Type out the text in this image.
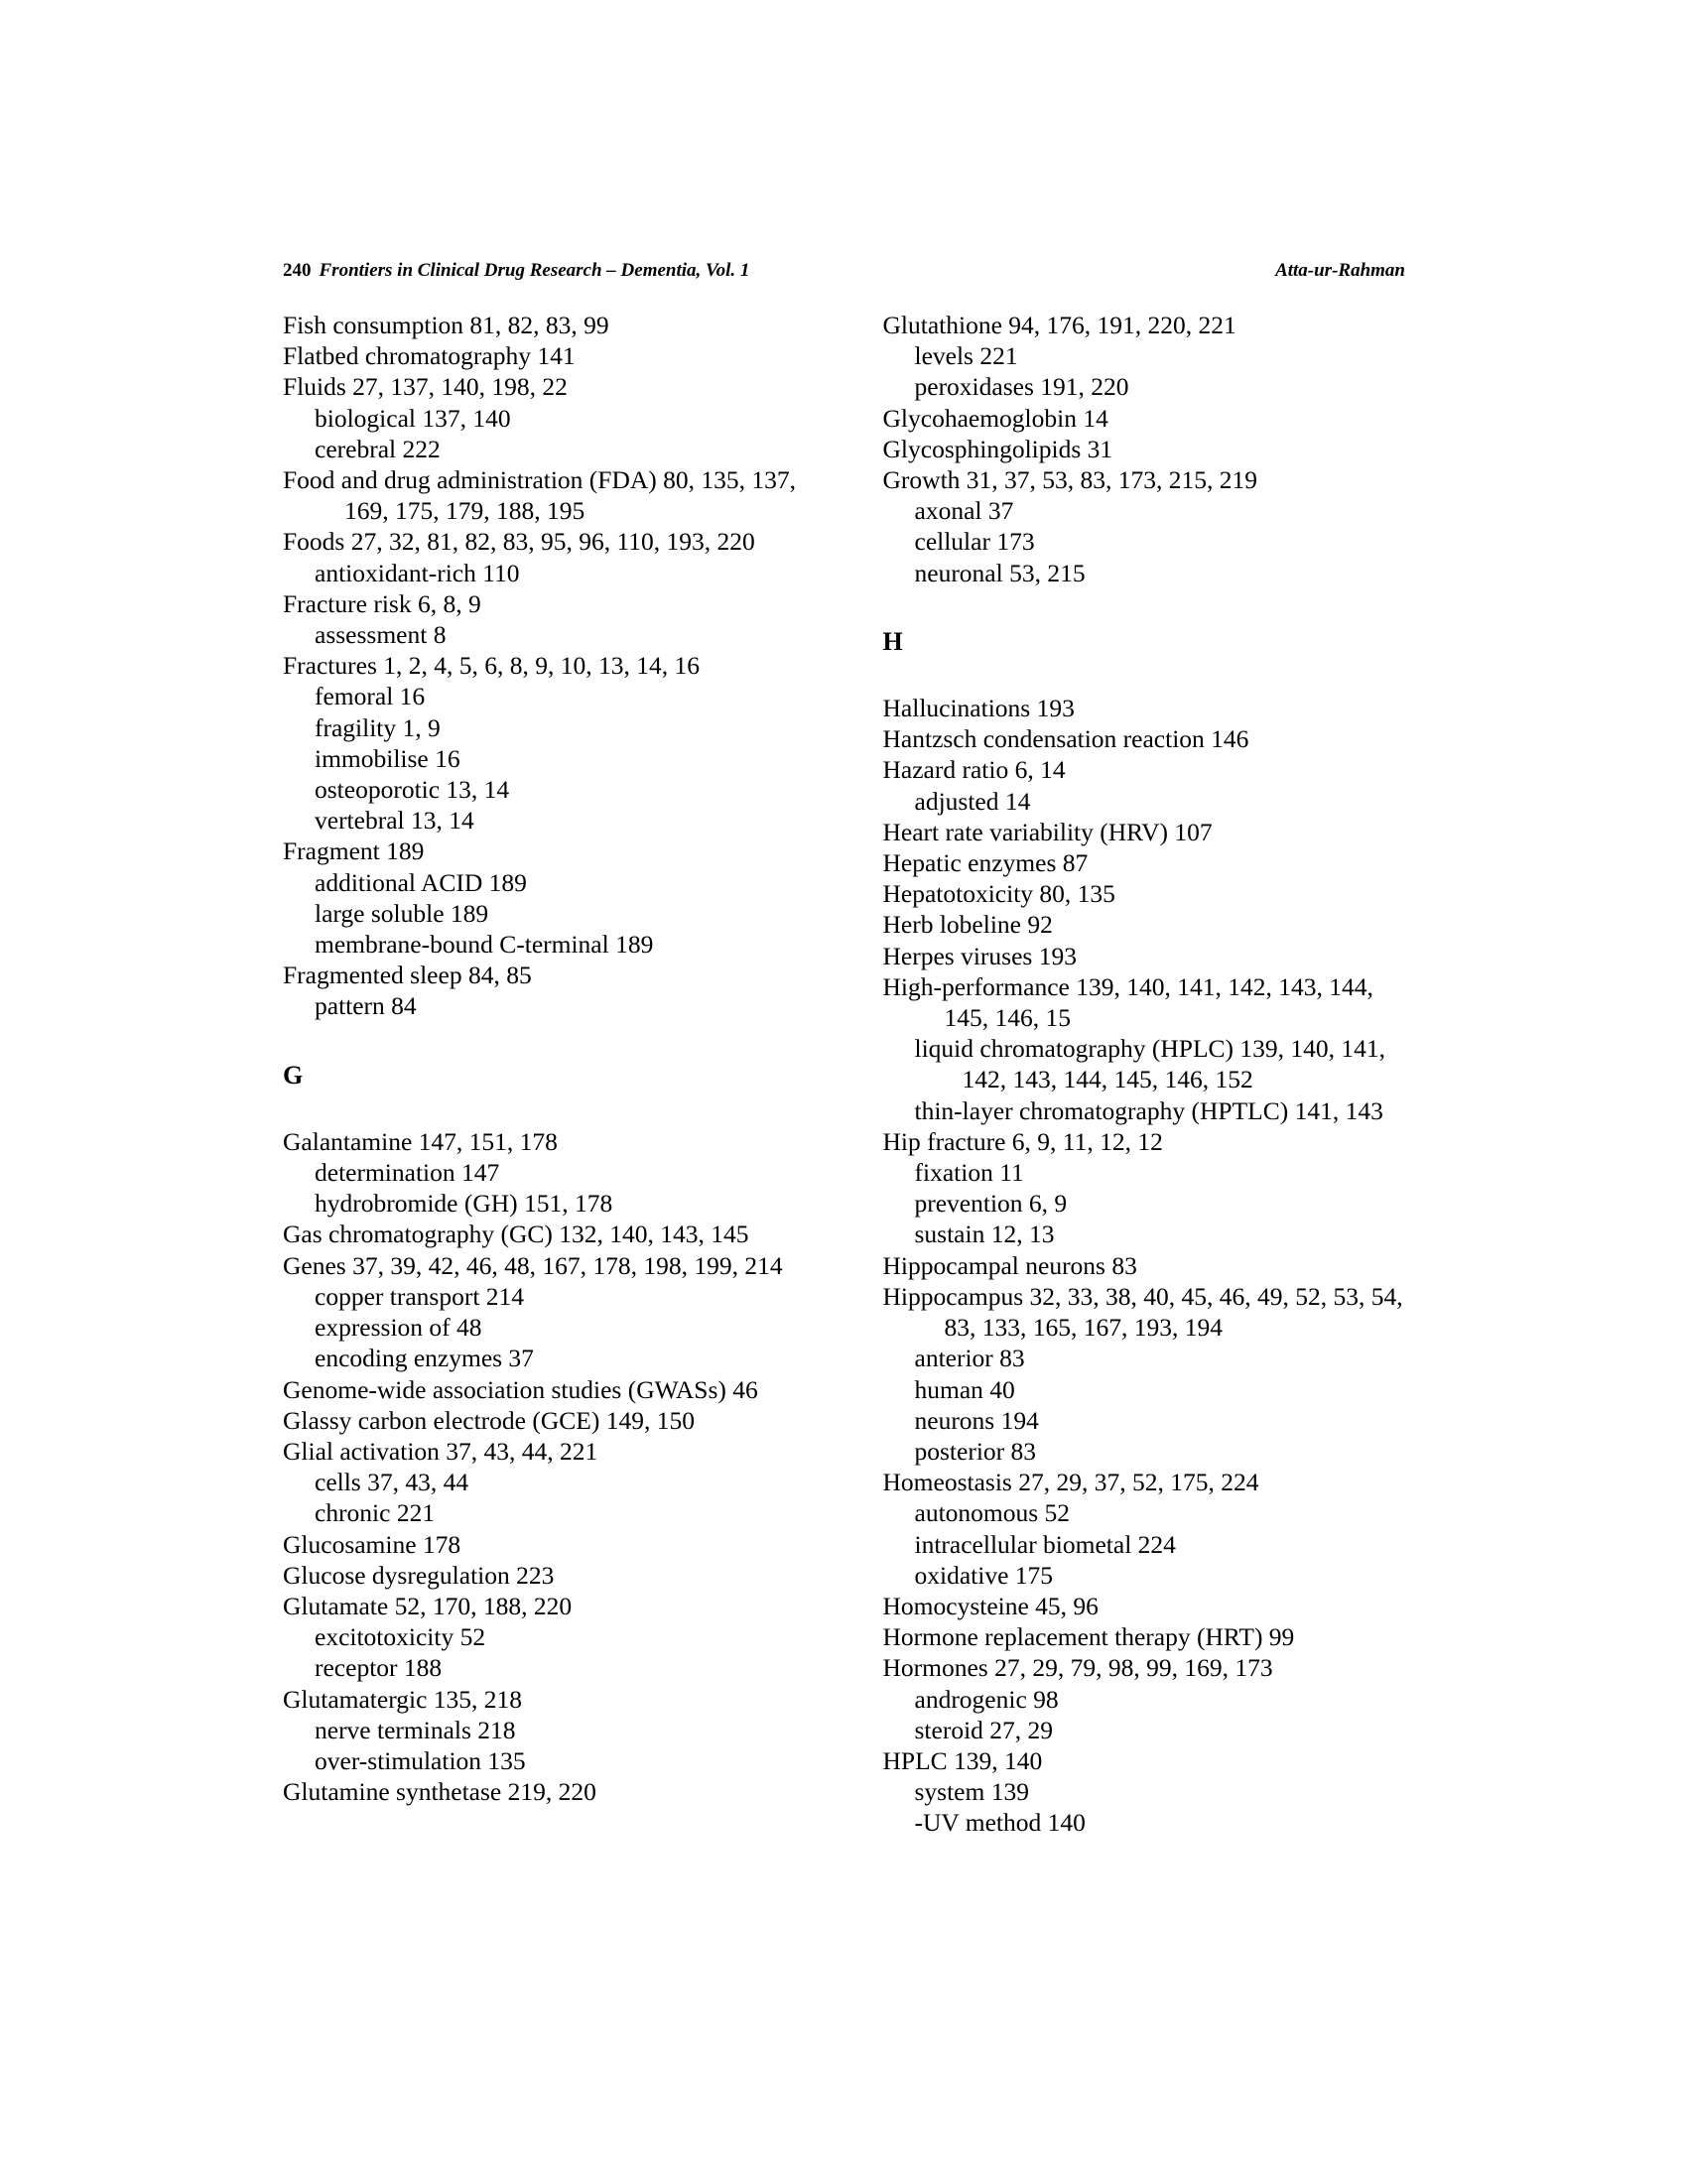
240 Frontiers in Clinical Drug Research – Dementia, Vol. 1	Atta-ur-Rahman
Fish consumption 81, 82, 83, 99
Flatbed chromatography 141
Fluids 27, 137, 140, 198, 22
biological 137, 140
cerebral 222
Food and drug administration (FDA) 80, 135, 137, 169, 175, 179, 188, 195
Foods 27, 32, 81, 82, 83, 95, 96, 110, 193, 220
antioxidant-rich 110
Fracture risk 6, 8, 9
assessment 8
Fractures 1, 2, 4, 5, 6, 8, 9, 10, 13, 14, 16
femoral 16
fragility 1, 9
immobilise 16
osteoporotic 13, 14
vertebral 13, 14
Fragment 189
additional ACID 189
large soluble 189
membrane-bound C-terminal 189
Fragmented sleep 84, 85
pattern 84
G
Galantamine 147, 151, 178
determination 147
hydrobromide (GH) 151, 178
Gas chromatography (GC) 132, 140, 143, 145
Genes 37, 39, 42, 46, 48, 167, 178, 198, 199, 214
copper transport 214
expression of 48
encoding enzymes 37
Genome-wide association studies (GWASs) 46
Glassy carbon electrode (GCE) 149, 150
Glial activation 37, 43, 44, 221
cells 37, 43, 44
chronic 221
Glucosamine 178
Glucose dysregulation 223
Glutamate 52, 170, 188, 220
excitotoxicity 52
receptor 188
Glutamatergic 135, 218
nerve terminals 218
over-stimulation 135
Glutamine synthetase 219, 220
Glutathione 94, 176, 191, 220, 221
levels 221
peroxidases 191, 220
Glycohaemoglobin 14
Glycosphingolipids 31
Growth 31, 37, 53, 83, 173, 215, 219
axonal 37
cellular 173
neuronal 53, 215
H
Hallucinations 193
Hantzsch condensation reaction 146
Hazard ratio 6, 14
adjusted 14
Heart rate variability (HRV) 107
Hepatic enzymes 87
Hepatotoxicity 80, 135
Herb lobeline 92
Herpes viruses 193
High-performance 139, 140, 141, 142, 143, 144, 145, 146, 15
liquid chromatography (HPLC) 139, 140, 141, 142, 143, 144, 145, 146, 152
thin-layer chromatography (HPTLC) 141, 143
Hip fracture 6, 9, 11, 12, 12
fixation 11
prevention 6, 9
sustain 12, 13
Hippocampal neurons 83
Hippocampus 32, 33, 38, 40, 45, 46, 49, 52, 53, 54, 83, 133, 165, 167, 193, 194
anterior 83
human 40
neurons 194
posterior 83
Homeostasis 27, 29, 37, 52, 175, 224
autonomous 52
intracellular biometal 224
oxidative 175
Homocysteine 45, 96
Hormone replacement therapy (HRT) 99
Hormones 27, 29, 79, 98, 99, 169, 173
androgenic 98
steroid 27, 29
HPLC 139, 140
system 139
-UV method 140
